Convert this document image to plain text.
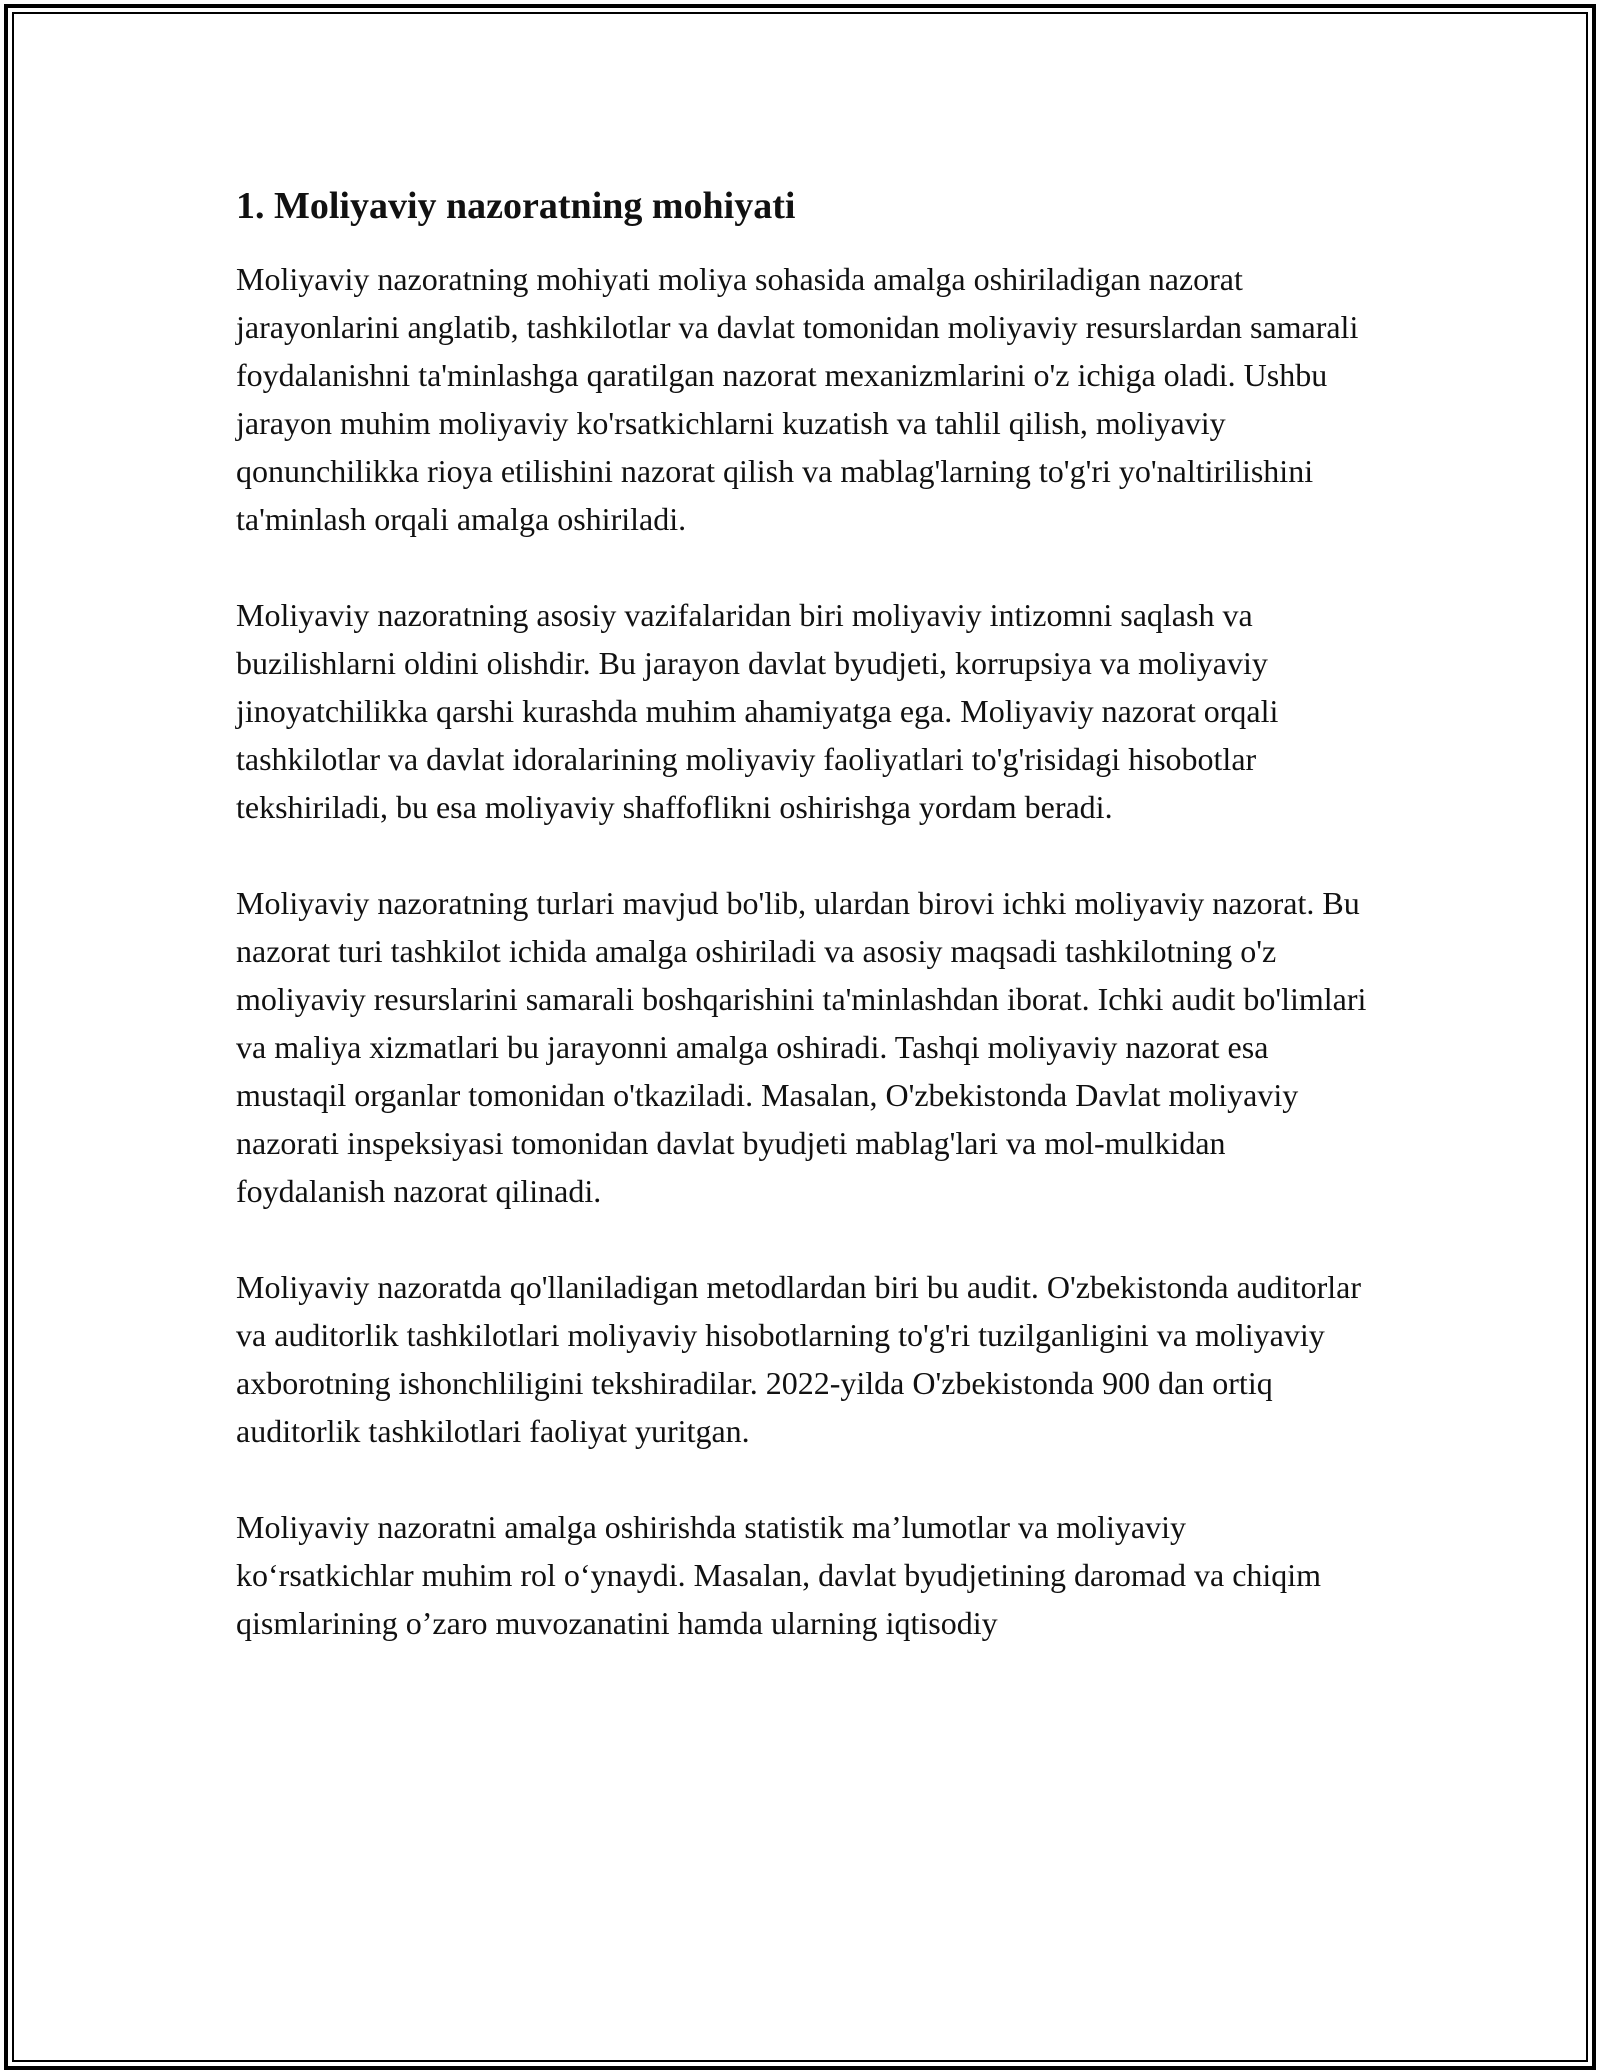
1. Moliyaviy nazoratning mohiyati

Moliyaviy nazoratning mohiyati moliya sohasida amalga oshiriladigan nazorat jarayonlarini anglatib, tashkilotlar va davlat tomonidan moliyaviy resurslardan samarali foydalanishni ta'minlashga qaratilgan nazorat mexanizmlarini o'z ichiga oladi. Ushbu jarayon muhim moliyaviy ko'rsatkichlarni kuzatish va tahlil qilish, moliyaviy qonunchilikka rioya etilishini nazorat qilish va mablag'larning to'g'ri yo'naltirilishini ta'minlash orqali amalga oshiriladi.

Moliyaviy nazoratning asosiy vazifalaridan biri moliyaviy intizomni saqlash va buzilishlarni oldini olishdir. Bu jarayon davlat byudjeti, korrupsiya va moliyaviy jinoyatchilikka qarshi kurashda muhim ahamiyatga ega. Moliyaviy nazorat orqali tashkilotlar va davlat idoralarining moliyaviy faoliyatlari to'g'risidagi hisobotlar tekshiriladi, bu esa moliyaviy shaffoflikni oshirishga yordam beradi.

Moliyaviy nazoratning turlari mavjud bo'lib, ulardan birovi ichki moliyaviy nazorat. Bu nazorat turi tashkilot ichida amalga oshiriladi va asosiy maqsadi tashkilotning o'z moliyaviy resurslarini samarali boshqarishini ta'minlashdan iborat. Ichki audit bo'limlari va maliya xizmatlari bu jarayonni amalga oshiradi. Tashqi moliyaviy nazorat esa mustaqil organlar tomonidan o'tkaziladi. Masalan, O'zbekistonda Davlat moliyaviy nazorati inspeksiyasi tomonidan davlat byudjeti mablag'lari va mol-mulkidan foydalanish nazorat qilinadi.

Moliyaviy nazoratda qo'llaniladigan metodlardan biri bu audit. O'zbekistonda auditorlar va auditorlik tashkilotlari moliyaviy hisobotlarning to'g'ri tuzilganligini va moliyaviy axborotning ishonchliligini tekshiradilar. 2022-yilda O'zbekistonda 900 dan ortiq auditorlik tashkilotlari faoliyat yuritgan.

Moliyaviy nazoratni amalga oshirishda statistik ma’lumotlar va moliyaviy ko‘rsatkichlar muhim rol o‘ynaydi. Masalan, davlat byudjetining daromad va chiqim qismlarining o’zaro muvozanatini hamda ularning iqtisodiy
